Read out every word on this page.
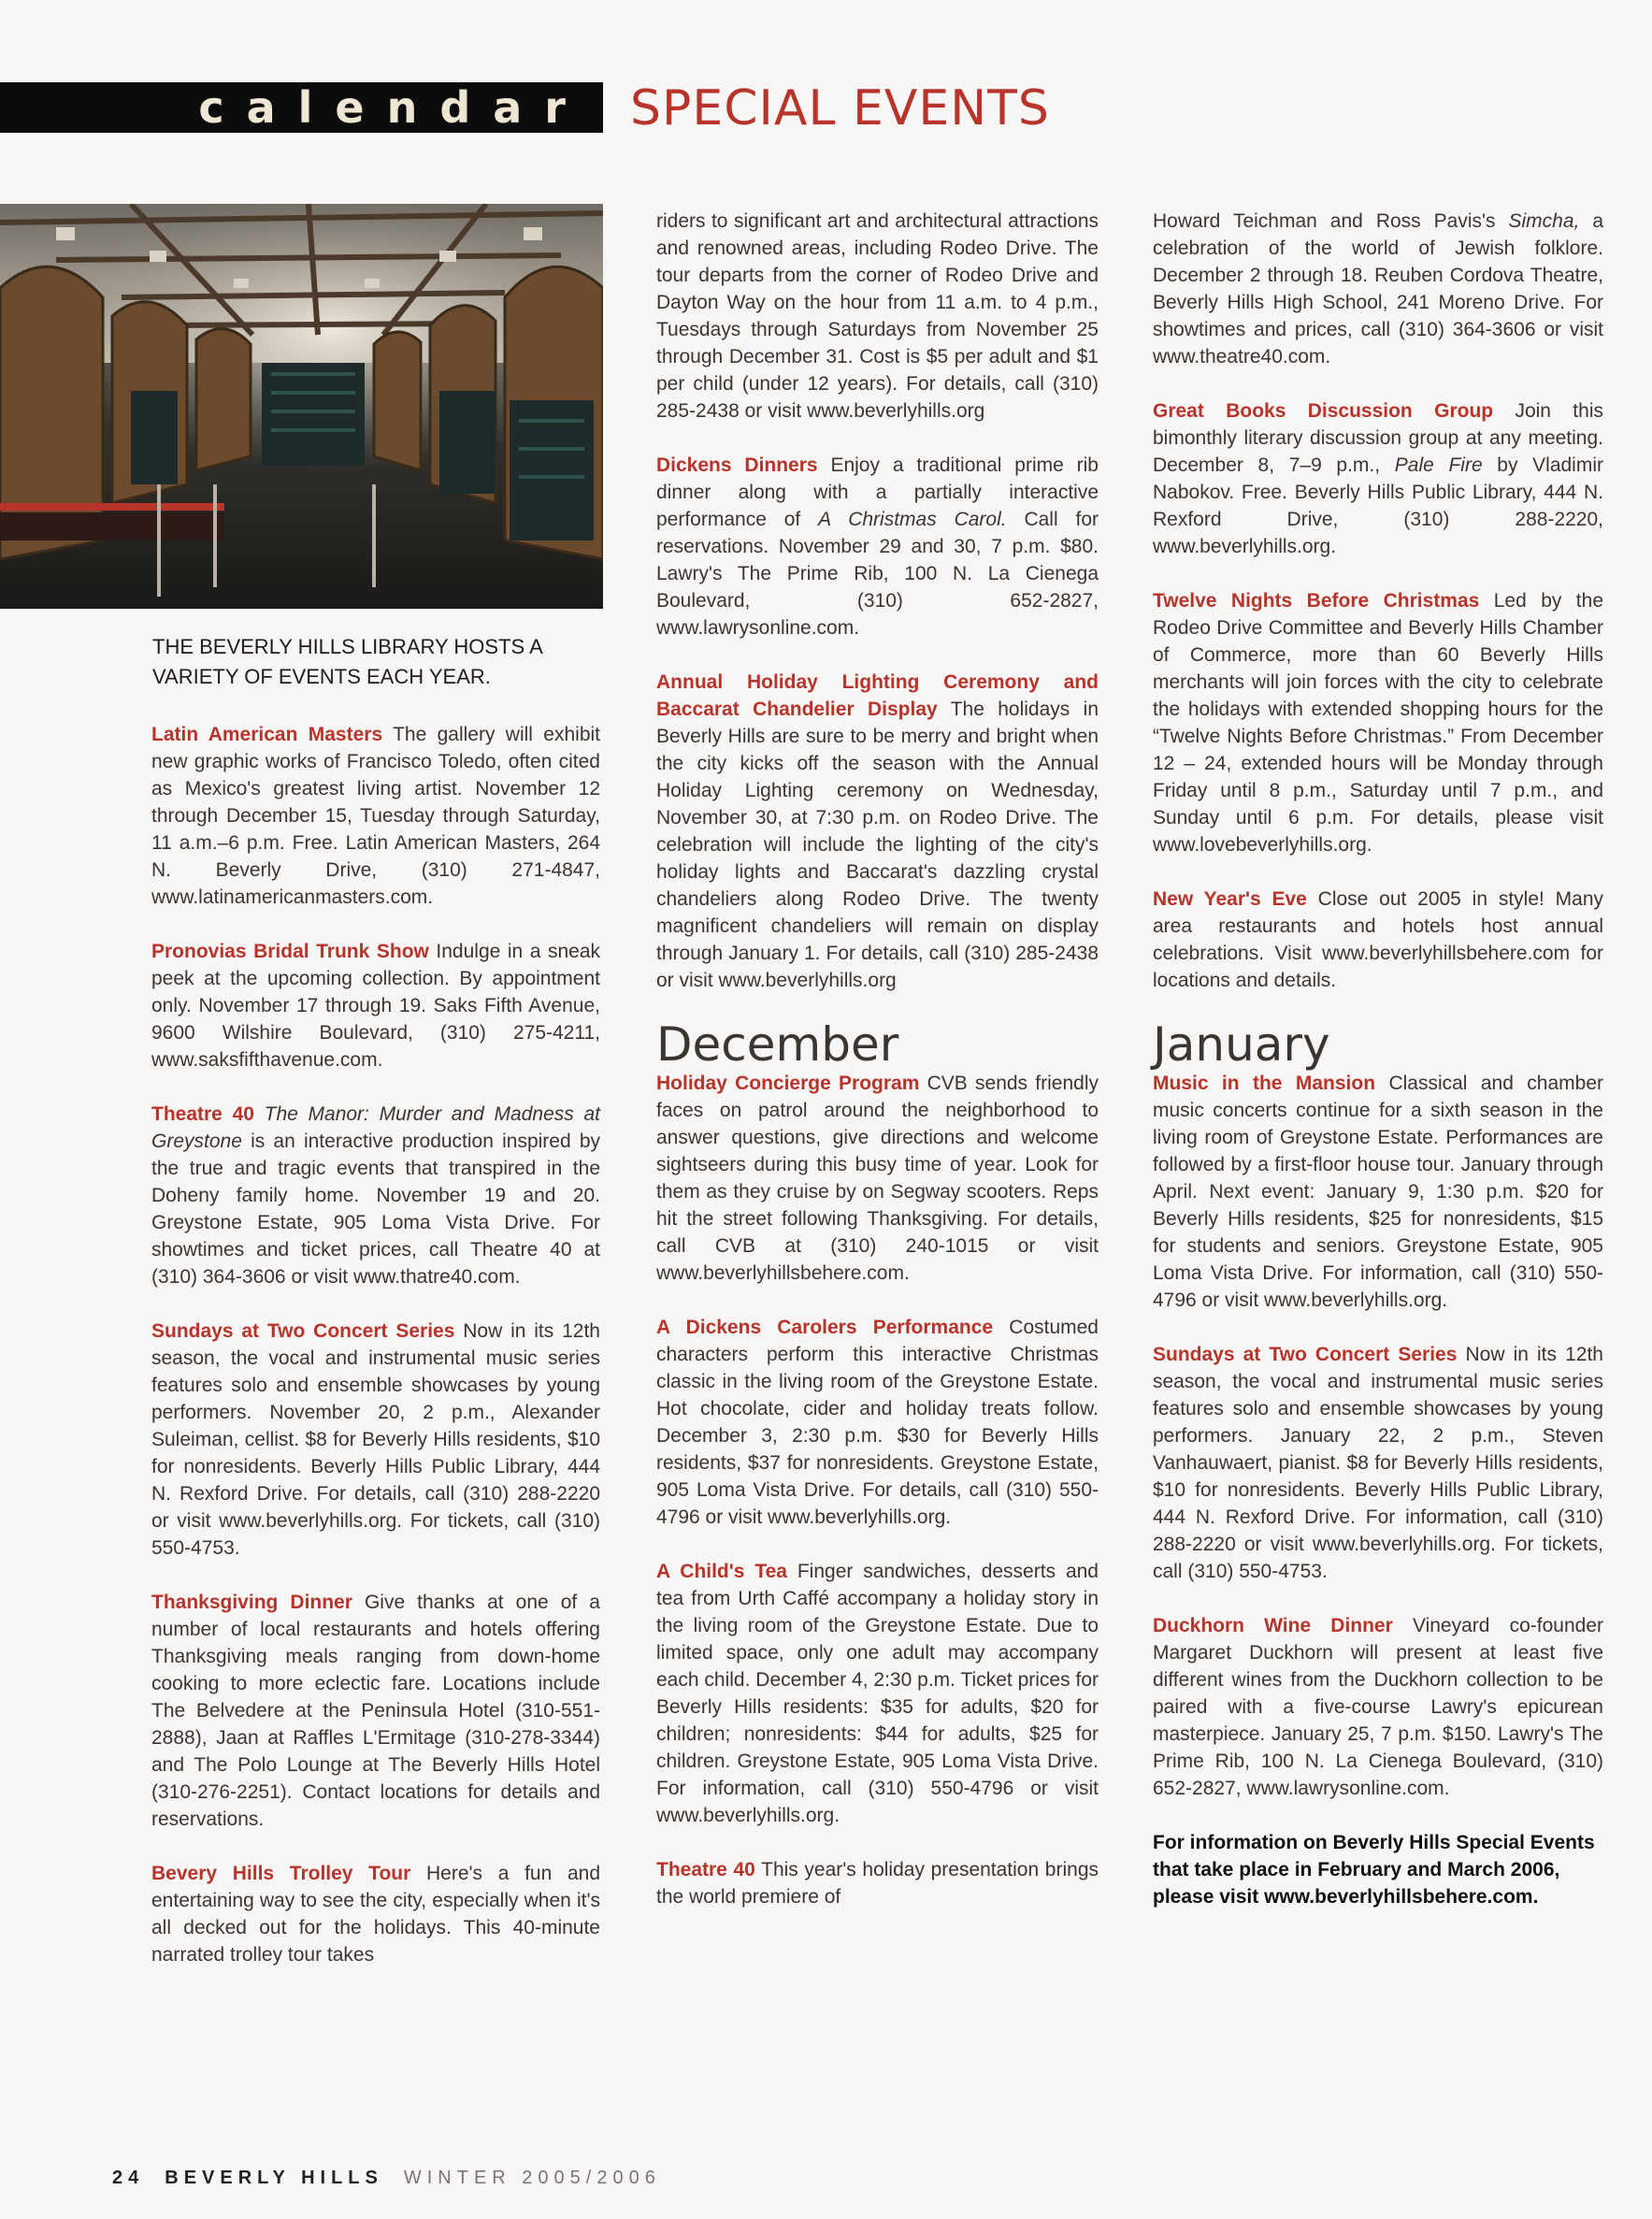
calendar SPECIAL EVENTS
THE BEVERLY HILLS LIBRARY HOSTS A VARIETY OF EVENTS EACH YEAR.

Latin American Masters The gallery will exhibit new graphic works of Francisco Toledo, often cited as Mexico's greatest living artist. November 12 through December 15, Tuesday through Saturday, 11 a.m.–6 p.m. Free. Latin American Masters, 264 N. Beverly Drive, (310) 271-4847, www.latinamericanmasters.com.

Pronovias Bridal Trunk Show Indulge in a sneak peek at the upcoming collection. By appointment only. November 17 through 19. Saks Fifth Avenue, 9600 Wilshire Boulevard, (310) 275-4211, www.saksfifthavenue.com.

Theatre 40 The Manor: Murder and Madness at Greystone is an interactive production inspired by the true and tragic events that transpired in the Doheny family home. November 19 and 20. Greystone Estate, 905 Loma Vista Drive. For showtimes and ticket prices, call Theatre 40 at (310) 364-3606 or visit www.thatre40.com.

Sundays at Two Concert Series Now in its 12th season, the vocal and instrumental music series features solo and ensemble showcases by young performers. November 20, 2 p.m., Alexander Suleiman, cellist. $8 for Beverly Hills residents, $10 for nonresidents. Beverly Hills Public Library, 444 N. Rexford Drive. For details, call (310) 288-2220 or visit www.beverlyhills.org. For tickets, call (310) 550-4753.

Thanksgiving Dinner Give thanks at one of a number of local restaurants and hotels offering Thanksgiving meals ranging from down-home cooking to more eclectic fare. Locations include The Belvedere at the Peninsula Hotel (310-551-2888), Jaan at Raffles L'Ermitage (310-278-3344) and The Polo Lounge at The Beverly Hills Hotel (310-276-2251). Contact locations for details and reservations.

Bevery Hills Trolley Tour Here's a fun and entertaining way to see the city, especially when it's all decked out for the holidays. This 40-minute narrated trolley tour takes

riders to significant art and architectural attractions and renowned areas, including Rodeo Drive. The tour departs from the corner of Rodeo Drive and Dayton Way on the hour from 11 a.m. to 4 p.m., Tuesdays through Saturdays from November 25 through December 31. Cost is $5 per adult and $1 per child (under 12 years). For details, call (310) 285-2438 or visit www.beverlyhills.org

Dickens Dinners Enjoy a traditional prime rib dinner along with a partially interactive performance of A Christmas Carol. Call for reservations. November 29 and 30, 7 p.m. $80. Lawry's The Prime Rib, 100 N. La Cienega Boulevard, (310) 652-2827, www.lawrysonline.com.

Annual Holiday Lighting Ceremony and Baccarat Chandelier Display The holidays in Beverly Hills are sure to be merry and bright when the city kicks off the season with the Annual Holiday Lighting ceremony on Wednesday, November 30, at 7:30 p.m. on Rodeo Drive. The celebration will include the lighting of the city's holiday lights and Baccarat's dazzling crystal chandeliers along Rodeo Drive. The twenty magnificent chandeliers will remain on display through January 1. For details, call (310) 285-2438 or visit www.beverlyhills.org

December

Holiday Concierge Program CVB sends friendly faces on patrol around the neighborhood to answer questions, give directions and welcome sightseers during this busy time of year. Look for them as they cruise by on Segway scooters. Reps hit the street following Thanksgiving. For details, call CVB at (310) 240-1015 or visit www.beverlyhillsbehere.com.

A Dickens Carolers Performance Costumed characters perform this interactive Christmas classic in the living room of the Greystone Estate. Hot chocolate, cider and holiday treats follow. December 3, 2:30 p.m. $30 for Beverly Hills residents, $37 for nonresidents. Greystone Estate, 905 Loma Vista Drive. For details, call (310) 550-4796 or visit www.beverlyhills.org.

A Child's Tea Finger sandwiches, desserts and tea from Urth Caffé accompany a holiday story in the living room of the Greystone Estate. Due to limited space, only one adult may accompany each child. December 4, 2:30 p.m. Ticket prices for Beverly Hills residents: $35 for adults, $20 for children; nonresidents: $44 for adults, $25 for children. Greystone Estate, 905 Loma Vista Drive. For information, call (310) 550-4796 or visit www.beverlyhills.org.

Theatre 40 This year's holiday presentation brings the world premiere of

Howard Teichman and Ross Pavis's Simcha, a celebration of the world of Jewish folklore. December 2 through 18. Reuben Cordova Theatre, Beverly Hills High School, 241 Moreno Drive. For showtimes and prices, call (310) 364-3606 or visit www.theatre40.com.

Great Books Discussion Group Join this bimonthly literary discussion group at any meeting. December 8, 7–9 p.m., Pale Fire by Vladimir Nabokov. Free. Beverly Hills Public Library, 444 N. Rexford Drive, (310) 288-2220, www.beverlyhills.org.

Twelve Nights Before Christmas Led by the Rodeo Drive Committee and Beverly Hills Chamber of Commerce, more than 60 Beverly Hills merchants will join forces with the city to celebrate the holidays with extended shopping hours for the “Twelve Nights Before Christmas.” From December 12 – 24, extended hours will be Monday through Friday until 8 p.m., Saturday until 7 p.m., and Sunday until 6 p.m. For details, please visit www.lovebeverlyhills.org.

New Year's Eve Close out 2005 in style! Many area restaurants and hotels host annual celebrations. Visit www.beverlyhillsbehere.com for locations and details.

January

Music in the Mansion Classical and chamber music concerts continue for a sixth season in the living room of Greystone Estate. Performances are followed by a first-floor house tour. January through April. Next event: January 9, 1:30 p.m. $20 for Beverly Hills residents, $25 for nonresidents, $15 for students and seniors. Greystone Estate, 905 Loma Vista Drive. For information, call (310) 550-4796 or visit www.beverlyhills.org.

Sundays at Two Concert Series Now in its 12th season, the vocal and instrumental music series features solo and ensemble showcases by young performers. January 22, 2 p.m., Steven Vanhauwaert, pianist. $8 for Beverly Hills residents, $10 for nonresidents. Beverly Hills Public Library, 444 N. Rexford Drive. For information, call (310) 288-2220 or visit www.beverlyhills.org. For tickets, call (310) 550-4753.

Duckhorn Wine Dinner Vineyard co-founder Margaret Duckhorn will present at least five different wines from the Duckhorn collection to be paired with a five-course Lawry's epicurean masterpiece. January 25, 7 p.m. $150. Lawry's The Prime Rib, 100 N. La Cienega Boulevard, (310) 652-2827, www.lawrysonline.com.

For information on Beverly Hills Special Events that take place in February and March 2006, please visit www.beverlyhillsbehere.com.

24 BEVERLY HILLS WINTER 2005/2006
